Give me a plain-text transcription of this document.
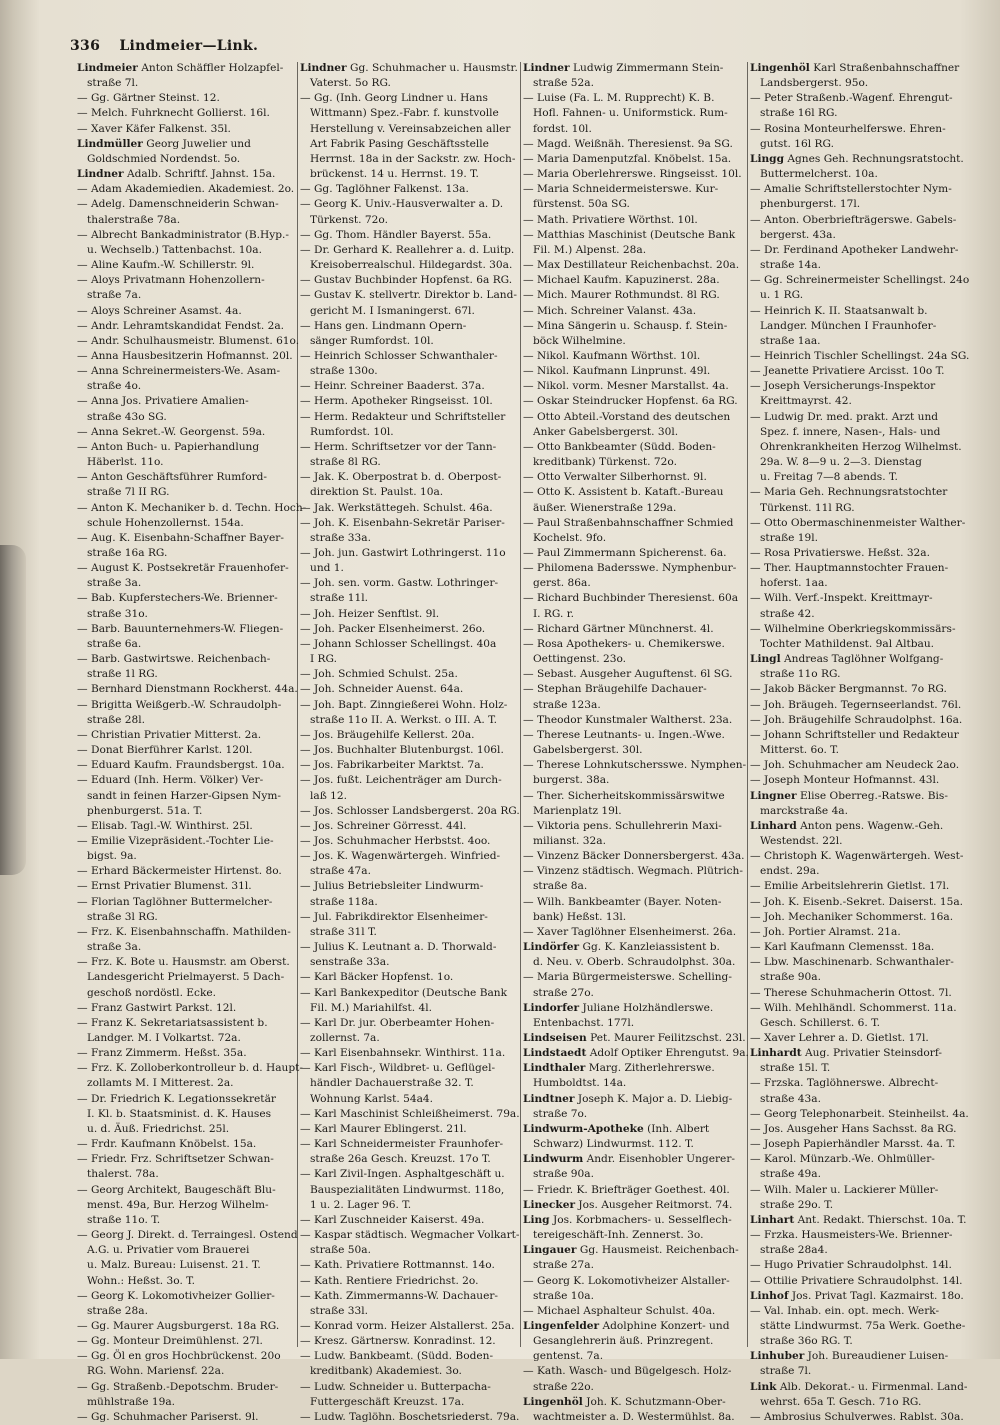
336 Lindmeier—Link.
Lindmeier Anton Schäffler Holzapfel-
straße 7l.
— Gg. Gärtner Steinst. 12.
— Melch. Fuhrknecht Gollierst. 16l.
— Xaver Käfer Falkenst. 35l.
Lindmüller Georg Juwelier und
Goldschmied Nordendst. 5o.
Lindner Adalb. Schriftf. Jahnst. 15a.
— Adam Akademiedien. Akademiest. 2o.
— Adelg. Damenschneiderin Schwan-
thalerstraße 78a.
— Albrecht Bankadministrator (B.Hyp.-
u. Wechselb.) Tattenbachst. 10a.
— Aline Kaufm.-W. Schillerstr. 9l.
— Aloys Privatmann Hohenzollern-
straße 7a.
— Aloys Schreiner Asamst. 4a.
— Andr. Lehramtskandidat Fendst. 2a.
— Andr. Schulhausmeistr. Blumenst. 61o.
— Anna Hausbesitzerin Hofmannst. 20l.
— Anna Schreinermeisters-We. Asam-
straße 4o.
— Anna Jos. Privatiere Amalien-
straße 43o SG.
— Anna Sekret.-W. Georgenst. 59a.
— Anton Buch- u. Papierhandlung
Häberlst. 11o.
— Anton Geschäftsführer Rumford-
straße 7l II RG.
— Anton K. Mechaniker b. d. Techn. Hoch-
schule Hohenzollernst. 154a.
— Aug. K. Eisenbahn-Schaffner Bayer-
straße 16a RG.
— August K. Postsekretär Frauenhofer-
straße 3a.
— Bab. Kupferstechers-We. Brienner-
straße 31o.
— Barb. Bauunternehmers-W. Fliegen-
straße 6a.
— Barb. Gastwirtswe. Reichenbach-
straße 1l RG.
— Bernhard Dienstmann Rockherst. 44a.
— Brigitta Weißgerb.-W. Schraudolph-
straße 28l.
— Christian Privatier Mitterst. 2a.
— Donat Bierführer Karlst. 120l.
— Eduard Kaufm. Fraundsbergst. 10a.
— Eduard (Inh. Herm. Völker) Ver-
sandt in feinen Harzer-Gipsen Nym-
phenburgerst. 51a. T.
— Elisab. Tagl.-W. Winthirst. 25l.
— Emilie Vizepräsident.-Tochter Lie-
bigst. 9a.
— Erhard Bäckermeister Hirtenst. 8o.
— Ernst Privatier Blumenst. 31l.
— Florian Taglöhner Buttermelcher-
straße 3l RG.
— Frz. K. Eisenbahnschaffn. Mathilden-
straße 3a.
— Frz. K. Bote u. Hausmstr. am Oberst.
Landesgericht Prielmayerst. 5 Dach-
geschoß nordöstl. Ecke.
— Franz Gastwirt Parkst. 12l.
— Franz K. Sekretariatsassistent b.
Landger. M. I Volkartst. 72a.
— Franz Zimmerm. Heßst. 35a.
— Frz. K. Zolloberkontrolleur b. d. Haupt-
zollamts M. I Mitterest. 2a.
— Dr. Friedrich K. Legationssekretär
I. Kl. b. Staatsminist. d. K. Hauses
u. d. Äuß. Friedrichst. 25l.
— Frdr. Kaufmann Knöbelst. 15a.
— Friedr. Frz. Schriftsetzer Schwan-
thalerst. 78a.
— Georg Architekt, Baugeschäft Blu-
menst. 49a, Bur. Herzog Wilhelm-
straße 11o. T.
— Georg J. Direkt. d. Terraingesl. Ostend
A.G. u. Privatier vom Brauerei
u. Malz. Bureau: Luisenst. 21. T.
Wohn.: Heßst. 3o. T.
— Georg K. Lokomotivheizer Gollier-
straße 28a.
— Gg. Maurer Augsburgerst. 18a RG.
— Gg. Monteur Dreimühlenst. 27l.
— Gg. Öl en gros Hochbrückenst. 20o
RG. Wohn. Mariensf. 22a.
— Gg. Straßenb.-Depotschm. Bruder-
mühlstraße 19a.
— Gg. Schuhmacher Pariserst. 9l.
Lindner Gg. Schuhmacher u. Hausmstr.
Vaterst. 5o RG.
— Gg. (Inh. Georg Lindner u. Hans
Wittmann) Spez.-Fabr. f. kunstvolle
Herstellung v. Vereinsabzeichen aller
Art Fabrik Pasing Geschäftsstelle
Herrnst. 18a in der Sackstr. zw. Hoch-
brückenst. 14 u. Herrnst. 19. T.
— Gg. Taglöhner Falkenst. 13a.
— Georg K. Univ.-Hausverwalter a. D.
Türkenst. 72o.
— Gg. Thom. Händler Bayerst. 55a.
— Dr. Gerhard K. Reallehrer a. d. Luitp.
Kreisoberrealschul. Hildegardst. 30a.
— Gustav Buchbinder Hopfenst. 6a RG.
— Gustav K. stellvertr. Direktor b. Land-
gericht M. I Ismaningerst. 67l.
— Hans gen. Lindmann Opern-
sänger Rumfordst. 10l.
— Heinrich Schlosser Schwanthaler-
straße 130o.
— Heinr. Schreiner Baaderst. 37a.
— Herm. Apotheker Ringseisst. 10l.
— Herm. Redakteur und Schriftsteller
Rumfordst. 10l.
— Herm. Schriftsetzer vor der Tann-
straße 8l RG.
— Jak. K. Oberpostrat b. d. Oberpost-
direktion St. Paulst. 10a.
— Jak. Werkstättegeh. Schulst. 46a.
— Joh. K. Eisenbahn-Sekretär Pariser-
straße 33a.
— Joh. jun. Gastwirt Lothringerst. 11o
und 1.
— Joh. sen. vorm. Gastw. Lothringer-
straße 11l.
— Joh. Heizer Senftlst. 9l.
— Joh. Packer Elsenheimerst. 26o.
— Johann Schlosser Schellingst. 40a
I RG.
— Joh. Schmied Schulst. 25a.
— Joh. Schneider Auenst. 64a.
— Joh. Bapt. Zinngießerei Wohn. Holz-
straße 11o II. A. Werkst. o III. A. T.
— Jos. Bräugehilfe Kellerst. 20a.
— Jos. Buchhalter Blutenburgst. 106l.
— Jos. Fabrikarbeiter Marktst. 7a.
— Jos. fußt. Leichenträger am Durch-
laß 12.
— Jos. Schlosser Landsbergerst. 20a RG.
— Jos. Schreiner Görresst. 44l.
— Jos. Schuhmacher Herbstst. 4oo.
— Jos. K. Wagenwärtergeh. Winfried-
straße 47a.
— Julius Betriebsleiter Lindwurm-
straße 118a.
— Jul. Fabrikdirektor Elsenheimer-
straße 31l T.
— Julius K. Leutnant a. D. Thorwald-
senstraße 33a.
— Karl Bäcker Hopfenst. 1o.
— Karl Bankexpeditor (Deutsche Bank
Fil. M.) Mariahilfst. 4l.
— Karl Dr. jur. Oberbeamter Hohen-
zollernst. 7a.
— Karl Eisenbahnsekr. Winthirst. 11a.
— Karl Fisch-, Wildbret- u. Geflügel-
händler Dachauerstraße 32. T.
Wohnung Karlst. 54a4.
— Karl Maschinist Schleißheimerst. 79a.
— Karl Maurer Eblingerst. 21l.
— Karl Schneidermeister Fraunhofer-
straße 26a Gesch. Kreuzst. 17o T.
— Karl Zivil-Ingen. Asphaltgeschäft u.
Bauspezialitäten Lindwurmst. 118o,
1 u. 2. Lager 96. T.
— Karl Zuschneider Kaiserst. 49a.
— Kaspar städtisch. Wegmacher Volkart-
straße 50a.
— Kath. Privatiere Rottmannst. 14o.
— Kath. Rentiere Friedrichst. 2o.
— Kath. Zimmermanns-W. Dachauer-
straße 33l.
— Konrad vorm. Heizer Alstallerst. 25a.
— Kresz. Gärtnersw. Konradinst. 12.
— Ludw. Bankbeamt. (Südd. Boden-
kreditbank) Akademiest. 3o.
— Ludw. Schneider u. Butterpacha-
Futtergeschäft Kreuzst. 17a.
— Ludw. Taglöhn. Boschetsriederst. 79a.
Lindner Ludwig Zimmermann Stein-
straße 52a.
— Luise (Fa. L. M. Rupprecht) K. B.
Hofl. Fahnen- u. Uniformstick. Rum-
fordst. 10l.
— Magd. Weißnäh. Theresienst. 9a SG.
— Maria Damenputzfal. Knöbelst. 15a.
— Maria Oberlehrerswe. Ringseisst. 10l.
— Maria Schneidermeisterswe. Kur-
fürstenst. 50a SG.
— Math. Privatiere Wörthst. 10l.
— Matthias Maschinist (Deutsche Bank
Fil. M.) Alpenst. 28a.
— Max Destillateur Reichenbachst. 20a.
— Michael Kaufm. Kapuzinerst. 28a.
— Mich. Maurer Rothmundst. 8l RG.
— Mich. Schreiner Valanst. 43a.
— Mina Sängerin u. Schausp. f. Stein-
böck Wilhelmine.
— Nikol. Kaufmann Wörthst. 10l.
— Nikol. Kaufmann Linprunst. 49l.
— Nikol. vorm. Mesner Marstallst. 4a.
— Oskar Steindrucker Hopfenst. 6a RG.
— Otto Abteil.-Vorstand des deutschen
Anker Gabelsbergerst. 30l.
— Otto Bankbeamter (Südd. Boden-
kreditbank) Türkenst. 72o.
— Otto Verwalter Silberhornst. 9l.
— Otto K. Assistent b. Kataft.-Bureau
äußer. Wienerstraße 129a.
— Paul Straßenbahnschaffner Schmied
Kochelst. 9fo.
— Paul Zimmermann Spicherenst. 6a.
— Philomena Badersswe. Nymphenbur-
gerst. 86a.
— Richard Buchbinder Theresienst. 60a
I. RG. r.
— Richard Gärtner Münchnerst. 4l.
— Rosa Apothekers- u. Chemikerswe.
Oettingenst. 23o.
— Sebast. Ausgeher Auguftenst. 6l SG.
— Stephan Bräugehilfe Dachauer-
straße 123a.
— Theodor Kunstmaler Waltherst. 23a.
— Therese Leutnants- u. Ingen.-Wwe.
Gabelsbergerst. 30l.
— Therese Lohnkutschersswe. Nymphen-
burgerst. 38a.
— Ther. Sicherheitskommissärswitwe
Marienplatz 19l.
— Viktoria pens. Schullehrerin Maxi-
milianst. 32a.
— Vinzenz Bäcker Donnersbergerst. 43a.
— Vinzenz städtisch. Wegmach. Plütrich-
straße 8a.
— Wilh. Bankbeamter (Bayer. Noten-
bank) Heßst. 13l.
— Xaver Taglöhner Elsenheimerst. 26a.
Lindörfer Gg. K. Kanzleiassistent b.
d. Neu. v. Oberb. Schraudolphst. 30a.
— Maria Bürgermeisterswe. Schelling-
straße 27o.
Lindorfer Juliane Holzhändlerswe.
Entenbachst. 177l.
Lindseisen Pet. Maurer Feilitzschst. 23l.
Lindstaedt Adolf Optiker Ehrengutst. 9a.
Lindthaler Marg. Zitherlehrerswe.
Humboldtst. 14a.
Lindtner Joseph K. Major a. D. Liebig-
straße 7o.
Lindwurm-Apotheke (Inh. Albert
Schwarz) Lindwurmst. 112. T.
Lindwurm Andr. Eisenhobler Ungerer-
straße 90a.
— Friedr. K. Briefträger Goethest. 40l.
Linecker Jos. Ausgeher Reitmorst. 74.
Ling Jos. Korbmachers- u. Sesselflech-
tereigeschäft-Inh. Zennerst. 3o.
Lingauer Gg. Hausmeist. Reichenbach-
straße 27a.
— Georg K. Lokomotivheizer Alstaller-
straße 10a.
— Michael Asphalteur Schulst. 40a.
Lingenfelder Adolphine Konzert- und
Gesanglehrerin äuß. Prinzregent.
gentenst. 7a.
— Kath. Wasch- und Bügelgesch. Holz-
straße 22o.
Lingenhöl Joh. K. Schutzmann-Ober-
wachtmeister a. D. Westermühlst. 8a.
Lingenhöl Karl Straßenbahnschaffner
Landsbergerst. 95o.
— Peter Straßenb.-Wagenf. Ehrengut-
straße 16l RG.
— Rosina Monteurhelferswe. Ehren-
gutst. 16l RG.
Lingg Agnes Geh. Rechnungsratstocht.
Buttermelcherst. 10a.
— Amalie Schriftstellerstochter Nym-
phenburgerst. 17l.
— Anton. Oberbriefträgerswe. Gabels-
bergerst. 43a.
— Dr. Ferdinand Apotheker Landwehr-
straße 14a.
— Gg. Schreinermeister Schellingst. 24o
u. 1 RG.
— Heinrich K. II. Staatsanwalt b.
Landger. München I Fraunhofer-
straße 1aa.
— Heinrich Tischler Schellingst. 24a SG.
— Jeanette Privatiere Arcisst. 10o T.
— Joseph Versicherungs-Inspektor
Kreittmayrst. 42.
— Ludwig Dr. med. prakt. Arzt und
Spez. f. innere, Nasen-, Hals- und
Ohrenkrankheiten Herzog Wilhelmst.
29a. W. 8—9 u. 2—3. Dienstag
u. Freitag 7—8 abends. T.
— Maria Geh. Rechnungsratstochter
Türkenst. 11l RG.
— Otto Obermaschinenmeister Walther-
straße 19l.
— Rosa Privatierswe. Heßst. 32a.
— Ther. Hauptmannstochter Frauen-
hoferst. 1aa.
— Wilh. Verf.-Inspekt. Kreittmayr-
straße 42.
— Wilhelmine Oberkriegskommissärs-
Tochter Mathildenst. 9al Altbau.
Lingl Andreas Taglöhner Wolfgang-
straße 11o RG.
— Jakob Bäcker Bergmannst. 7o RG.
— Joh. Bräugeh. Tegernseerlandst. 76l.
— Joh. Bräugehilfe Schraudolphst. 16a.
— Johann Schriftsteller und Redakteur
Mitterst. 6o. T.
— Joh. Schuhmacher am Neudeck 2ao.
— Joseph Monteur Hofmannst. 43l.
Lingner Elise Oberreg.-Ratswe. Bis-
marckstraße 4a.
Linhard Anton pens. Wagenw.-Geh.
Westendst. 22l.
— Christoph K. Wagenwärtergeh. West-
endst. 29a.
— Emilie Arbeitslehrerin Gietlst. 17l.
— Joh. K. Eisenb.-Sekret. Daiserst. 15a.
— Joh. Mechaniker Schommerst. 16a.
— Joh. Portier Alramst. 21a.
— Karl Kaufmann Clemensst. 18a.
— Lbw. Maschinenarb. Schwanthaler-
straße 90a.
— Therese Schuhmacherin Ottost. 7l.
— Wilh. Mehlhändl. Schommerst. 11a.
Gesch. Schillerst. 6. T.
— Xaver Lehrer a. D. Gietlst. 17l.
Linhardt Aug. Privatier Steinsdorf-
straße 15l. T.
— Frzska. Taglöhnerswe. Albrecht-
straße 43a.
— Georg Telephonarbeit. Steinheilst. 4a.
— Jos. Ausgeher Hans Sachsst. 8a RG.
— Joseph Papierhändler Marsst. 4a. T.
— Karol. Münzarb.-We. Ohlmüller-
straße 49a.
— Wilh. Maler u. Lackierer Müller-
straße 29o. T.
Linhart Ant. Redakt. Thierschst. 10a. T.
— Frzka. Hausmeisters-We. Brienner-
straße 28a4.
— Hugo Privatier Schraudolphst. 14l.
— Ottilie Privatiere Schraudolphst. 14l.
Linhof Jos. Privat Tagl. Kazmairst. 18o.
— Val. Inhab. ein. opt. mech. Werk-
stätte Lindwurmst. 75a Werk. Goethe-
straße 36o RG. T.
Linhuber Joh. Bureaudiener Luisen-
straße 7l.
Link Alb. Dekorat.- u. Firmenmal. Land-
wehrst. 65a T. Gesch. 71o RG.
— Ambrosius Schulverwes. Rablst. 30a.
